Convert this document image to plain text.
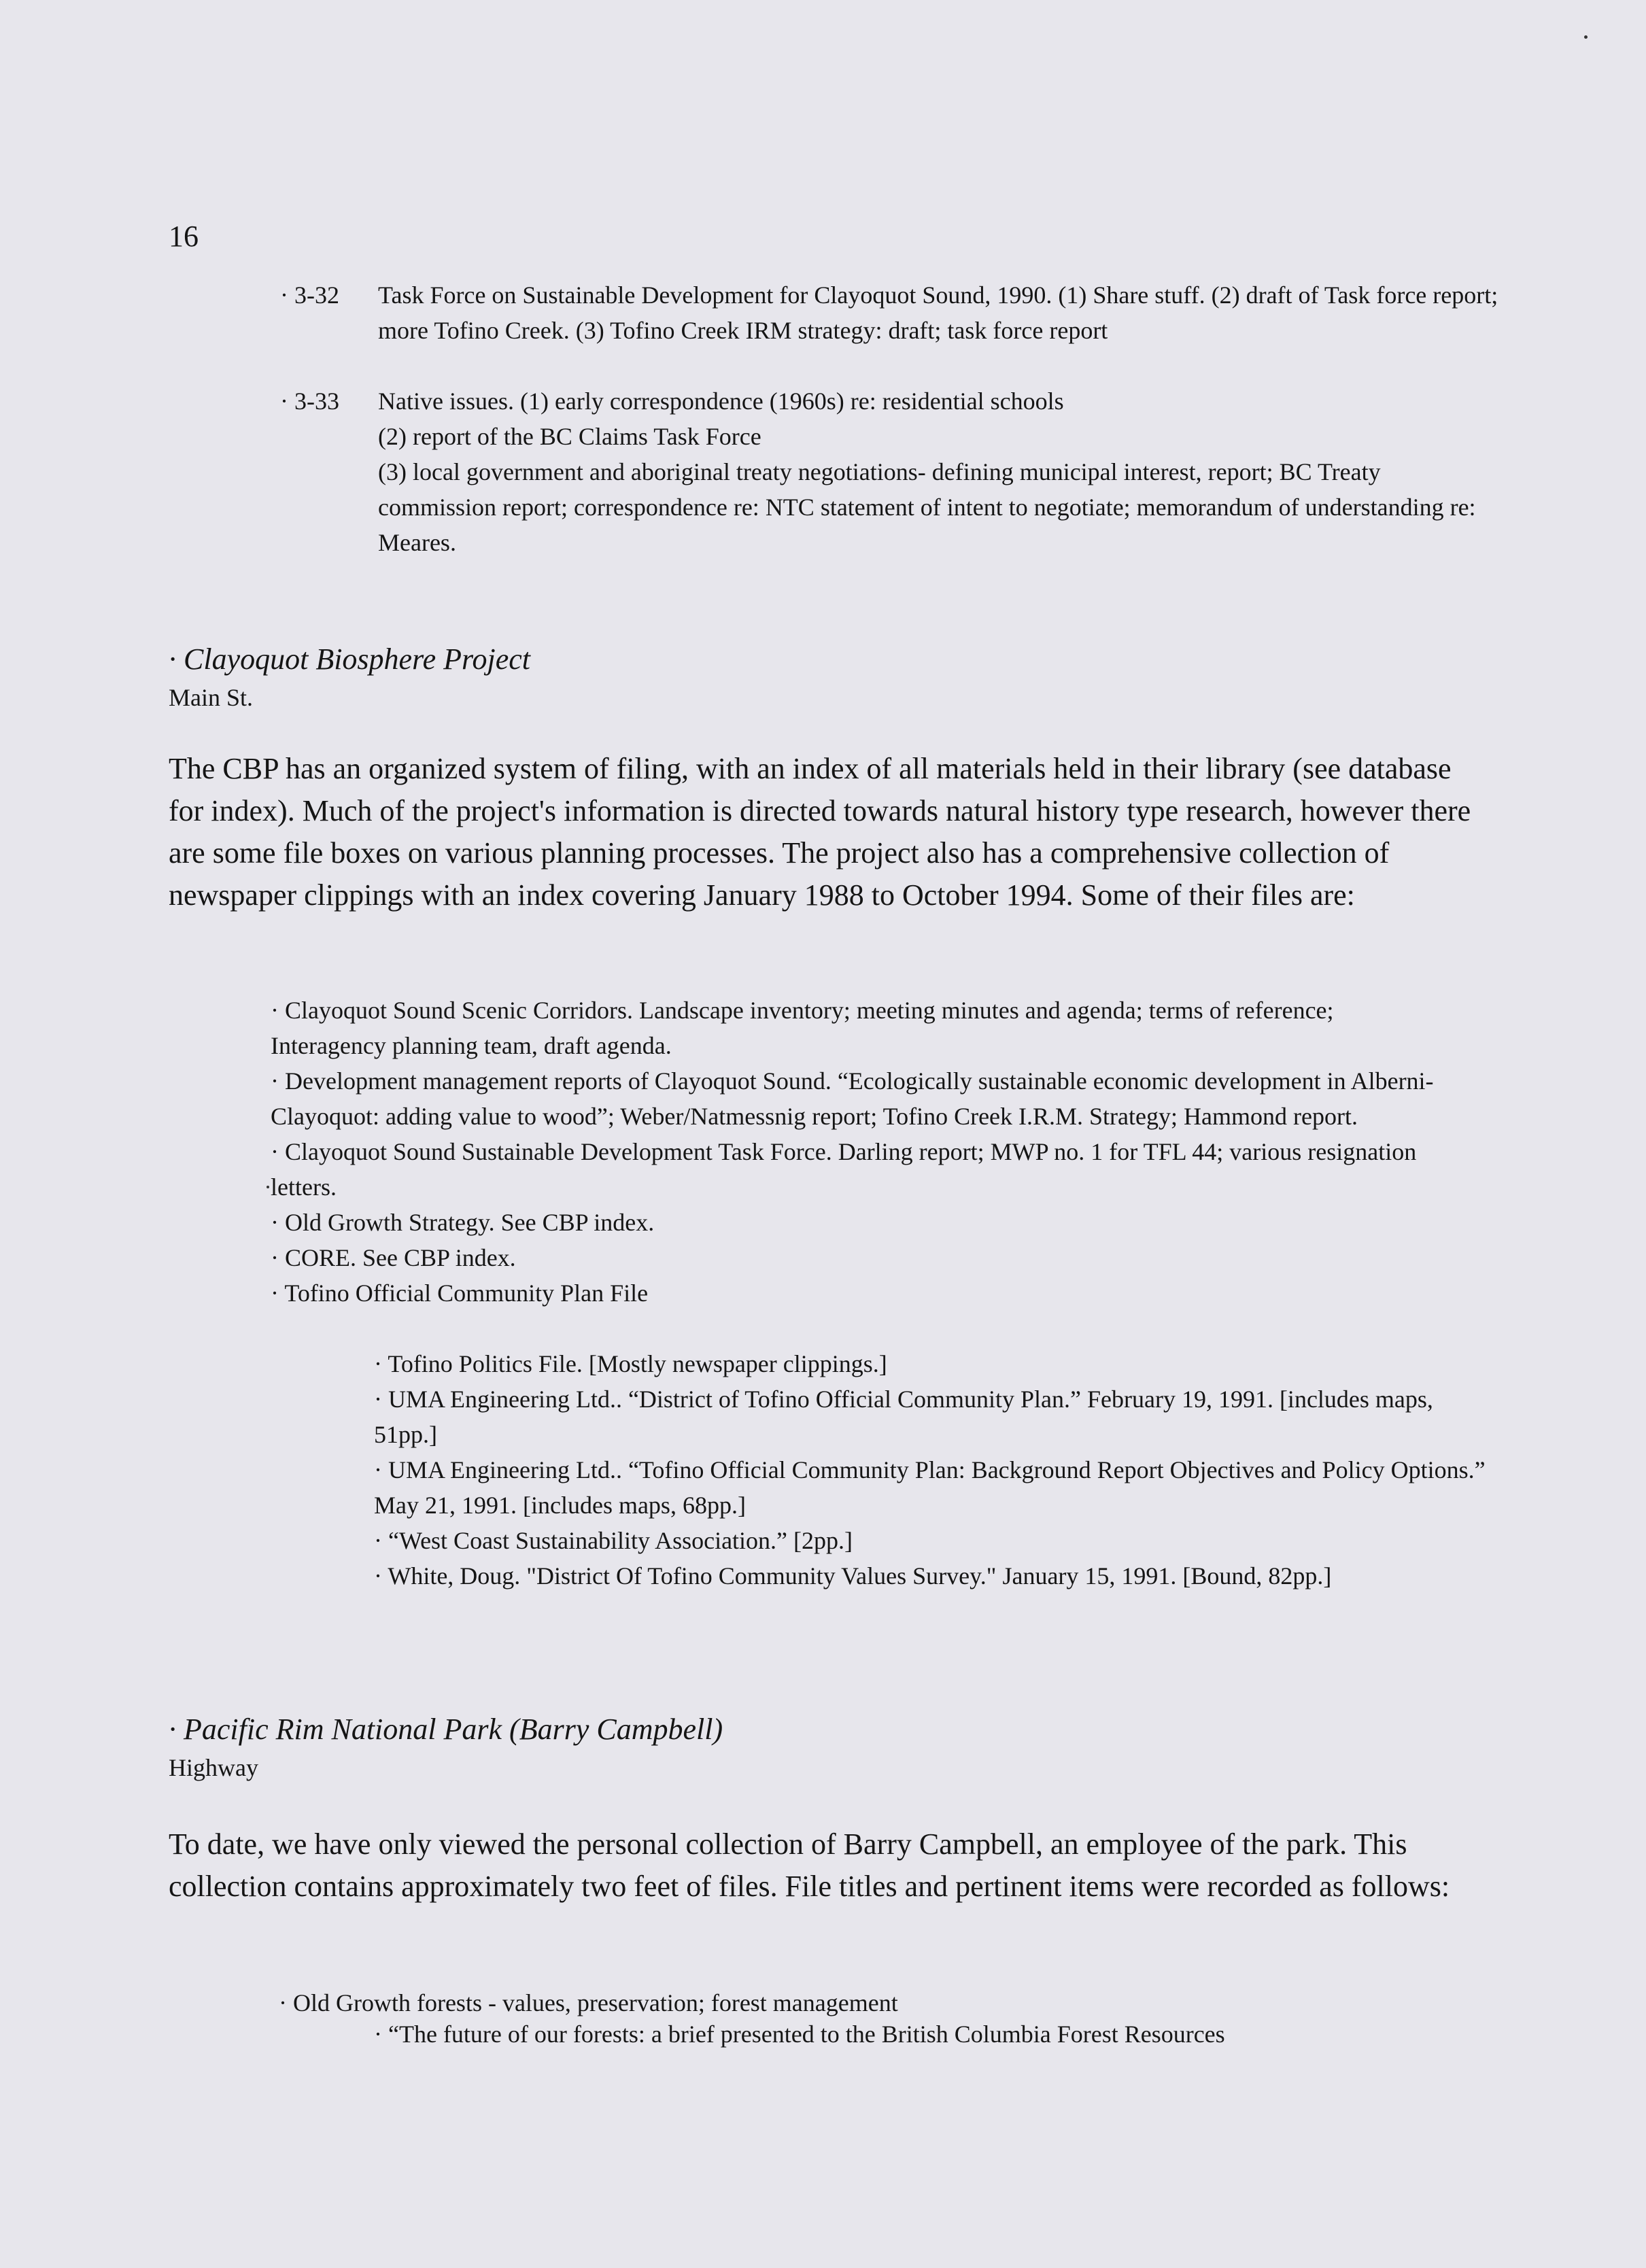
16
· 3-32 Task Force on Sustainable Development for Clayoquot Sound, 1990. (1) Share stuff. (2) draft of Task force report; more Tofino Creek. (3) Tofino Creek IRM strategy: draft; task force report

· 3-33 Native issues. (1) early correspondence (1960s) re: residential schools

(2) report of the BC Claims Task Force

(3) local government and aboriginal treaty negotiations- defining municipal interest, report; BC Treaty commission report; correspondence re: NTC statement of intent to negotiate; memorandum of understanding re: Meares.

· Clayoquot Biosphere Project
Main St.
The CBP has an organized system of filing, with an index of all materials held in their library (see database for index). Much of the project's information is directed towards natural history type research, however there are some file boxes on various planning processes. The project also has a comprehensive collection of newspaper clippings with an index covering January 1988 to October 1994. Some of their files are:

· Clayoquot Sound Scenic Corridors. Landscape inventory; meeting minutes and agenda; terms of reference; Interagency planning team, draft agenda.

· Development management reports of Clayoquot Sound. “Ecologically sustainable economic development in Alberni-Clayoquot: adding value to wood”; Weber/Natmessnig report; Tofino Creek I.R.M. Strategy; Hammond report.

· Clayoquot Sound Sustainable Development Task Force. Darling report; MWP no. 1 for TFL 44; various resignation letters.

· Old Growth Strategy. See CBP index.

· CORE. See CBP index.

· Tofino Official Community Plan File

· Tofino Politics File. [Mostly newspaper clippings.]

· UMA Engineering Ltd.. “District of Tofino Official Community Plan.” February 19, 1991. [includes maps, 51pp.]

· UMA Engineering Ltd.. “Tofino Official Community Plan: Background Report Objectives and Policy Options.” May 21, 1991. [includes maps, 68pp.]

· “West Coast Sustainability Association.” [2pp.]

· White, Doug. "District Of Tofino Community Values Survey." January 15, 1991. [Bound, 82pp.]

· Pacific Rim National Park (Barry Campbell)
Highway
To date, we have only viewed the personal collection of Barry Campbell, an employee of the park. This collection contains approximately two feet of files. File titles and pertinent items were recorded as follows:
· Old Growth forests - values, preservation; forest management
· “The future of our forests: a brief presented to the British Columbia Forest Resources
